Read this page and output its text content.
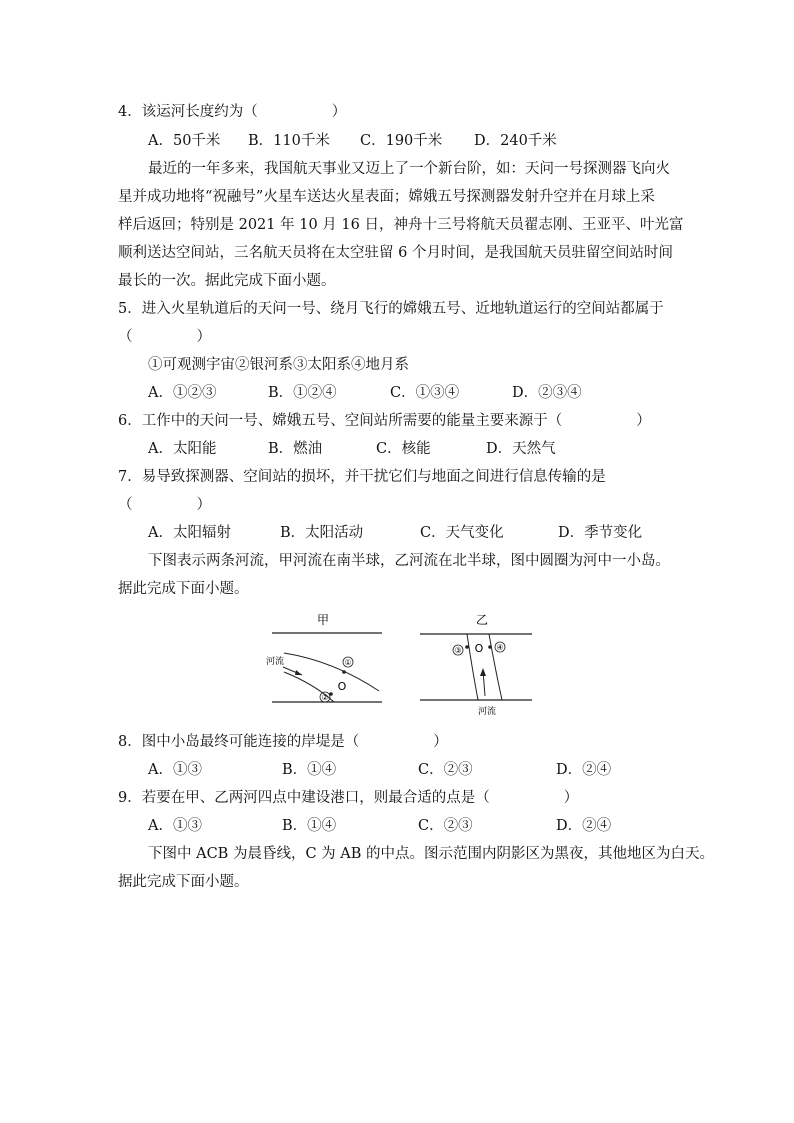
4．该运河长度约为（	）
A．50千米 B．110千米 C．190千米 D．240千米
最近的一年多来，我国航天事业又迈上了一个新台阶，如：天问一号探测器飞向火
星并成功地将“祝融号”火星车送达火星表面；嫦娥五号探测器发射升空并在月球上采
样后返回；特别是 2021 年 10 月 16 日，神舟十三号将航天员翟志刚、王亚平、叶光富
顺利送达空间站，三名航天员将在太空驻留 6 个月时间，是我国航天员驻留空间站时间
最长的一次。据此完成下面小题。
5．进入火星轨道后的天问一号、绕月飞行的嫦娥五号、近地轨道运行的空间站都属于
（	）
①可观测宇宙②银河系③太阳系④地月系
A．①②③	B．①②④	C．①③④	D．②③④
6．工作中的天问一号、嫦娥五号、空间站所需要的能量主要来源于（	）
A．太阳能	B．燃油	C．核能	D．天然气
7．易导致探测器、空间站的损坏，并干扰它们与地面之间进行信息传输的是
（	）
A．太阳辐射	B．太阳活动	C．天气变化	D．季节变化
下图表示两条河流，甲河流在南半球，乙河流在北半球，图中圆圈为河中一小岛。
据此完成下面小题。
甲
河流	①
O
②
乙
③ O ④
河流
8．图中小岛最终可能连接的岸堤是（	）
A．①③	B．①④	C．②③	D．②④
9．若要在甲、乙两河四点中建设港口，则最合适的点是（	）
A．①③	B．①④	C．②③	D．②④
下图中 ACB 为晨昏线，C 为 AB 的中点。图示范围内阴影区为黑夜，其他地区为白天。
据此完成下面小题。
